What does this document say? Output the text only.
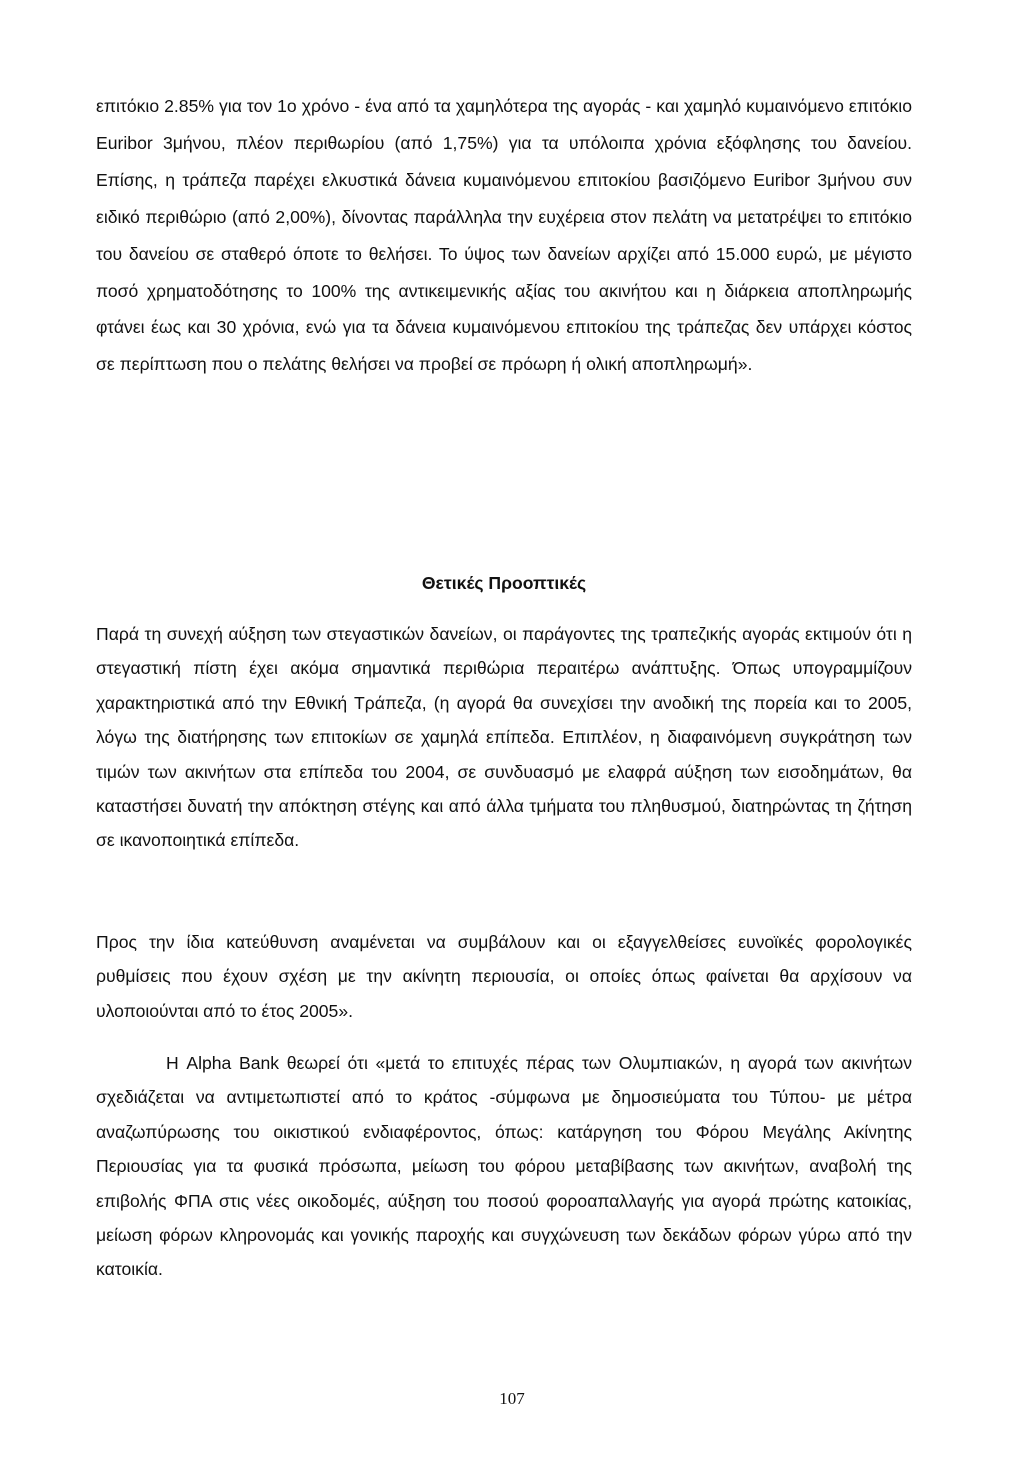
επιτόκιο 2.85% για τον 1ο χρόνο - ένα από τα χαμηλότερα της αγοράς - και χαμηλό κυμαινόμενο επιτόκιο Euribor 3μήνου, πλέον περιθωρίου (από 1,75%) για τα υπόλοιπα χρόνια εξόφλησης του δανείου. Επίσης, η τράπεζα παρέχει ελκυστικά δάνεια κυμαινόμενου επιτοκίου βασιζόμενο Euribor 3μήνου συν ειδικό περιθώριο (από 2,00%), δίνοντας παράλληλα την ευχέρεια στον πελάτη να μετατρέψει το επιτόκιο του δανείου σε σταθερό όποτε το θελήσει. Το ύψος των δανείων αρχίζει από 15.000 ευρώ, με μέγιστο ποσό χρηματοδότησης το 100% της αντικειμενικής αξίας του ακινήτου και η διάρκεια αποπληρωμής φτάνει έως και 30 χρόνια, ενώ για τα δάνεια κυμαινόμενου επιτοκίου της τράπεζας δεν υπάρχει κόστος σε περίπτωση που ο πελάτης θελήσει να προβεί σε πρόωρη ή ολική αποπληρωμή».

Θετικές Προοπτικές

Παρά τη συνεχή αύξηση των στεγαστικών δανείων, οι παράγοντες της τραπεζικής αγοράς εκτιμούν ότι η στεγαστική πίστη έχει ακόμα σημαντικά περιθώρια περαιτέρω ανάπτυξης. Όπως υπογραμμίζουν χαρακτηριστικά από την Εθνική Τράπεζα, (η αγορά θα συνεχίσει την ανοδική της πορεία και το 2005, λόγω της διατήρησης των επιτοκίων σε χαμηλά επίπεδα. Επιπλέον, η διαφαινόμενη συγκράτηση των τιμών των ακινήτων στα επίπεδα του 2004, σε συνδυασμό με ελαφρά αύξηση των εισοδημάτων, θα καταστήσει δυνατή την απόκτηση στέγης και από άλλα τμήματα του πληθυσμού, διατηρώντας τη ζήτηση σε ικανοποιητικά επίπεδα.

Προς την ίδια κατεύθυνση αναμένεται να συμβάλουν και οι εξαγγελθείσες ευνοϊκές φορολογικές ρυθμίσεις που έχουν σχέση με την ακίνητη περιουσία, οι οποίες όπως φαίνεται θα αρχίσουν να υλοποιούνται από το έτος 2005».

Η Alpha Bank θεωρεί ότι «μετά το επιτυχές πέρας των Ολυμπιακών, η αγορά των ακινήτων σχεδιάζεται να αντιμετωπιστεί από το κράτος -σύμφωνα με δημοσιεύματα του Τύπου- με μέτρα αναζωπύρωσης του οικιστικού ενδιαφέροντος, όπως: κατάργηση του Φόρου Μεγάλης Ακίνητης Περιουσίας για τα φυσικά πρόσωπα, μείωση του φόρου μεταβίβασης των ακινήτων, αναβολή της επιβολής ΦΠΑ στις νέες οικοδομές, αύξηση του ποσού φοροαπαλλαγής για αγορά πρώτης κατοικίας, μείωση φόρων κληρονομάς και γονικής παροχής και συγχώνευση των δεκάδων φόρων γύρω από την κατοικία.

107
